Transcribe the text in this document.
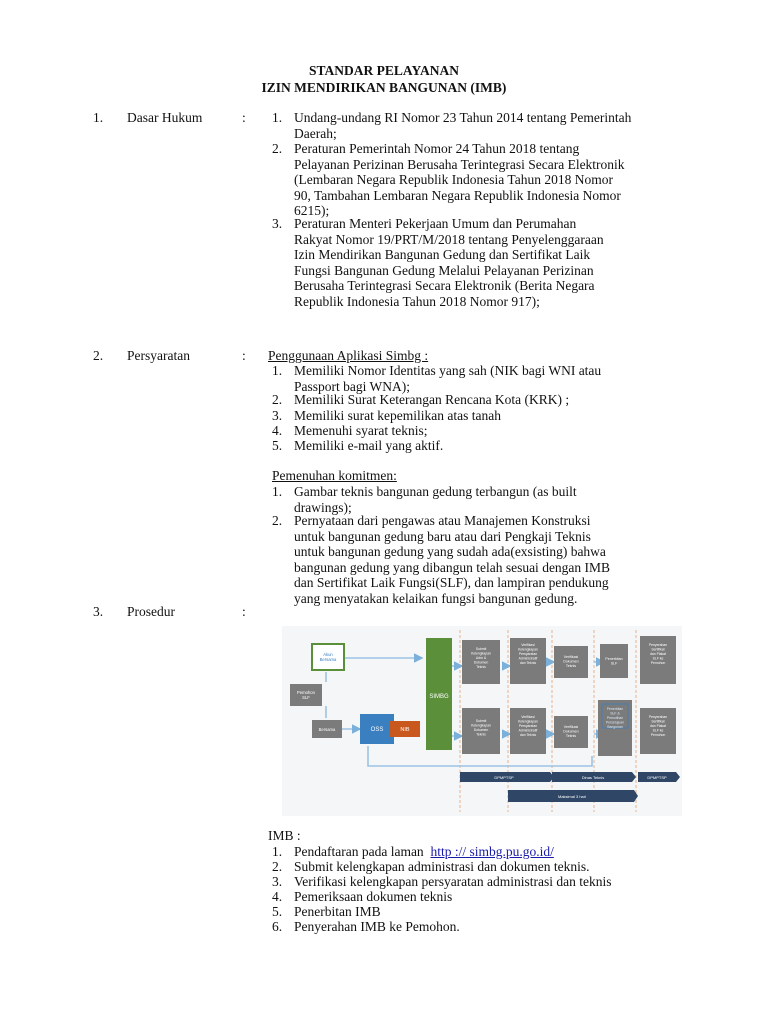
STANDAR PELAYANAN
IZIN MENDIRIKAN BANGUNAN (IMB)
1. Dasar Hukum	: 1. Undang-undang RI Nomor 23 Tahun 2014 tentang Pemerintah
Daerah;
2. Peraturan Pemerintah Nomor 24 Tahun 2018 tentang
Pelayanan Perizinan Berusaha Terintegrasi Secara Elektronik
(Lembaran Negara Republik Indonesia Tahun 2018 Nomor
90, Tambahan Lembaran Negara Republik Indonesia Nomor
6215);
3. Peraturan Menteri Pekerjaan Umum dan Perumahan
Rakyat Nomor 19/PRT/M/2018 tentang Penyelenggaraan
Izin Mendirikan Bangunan Gedung dan Sertifikat Laik
Fungsi Bangunan Gedung Melalui Pelayanan Perizinan
Berusaha Terintegrasi Secara Elektronik (Berita Negara
Republik Indonesia Tahun 2018 Nomor 917);
2. Persyaratan	: Penggunaan Aplikasi Simbg :
1. Memiliki Nomor Identitas yang sah (NIK bagi WNI atau
Passport bagi WNA);
2. Memiliki Surat Keterangan Rencana Kota (KRK) ;
3. Memiliki surat kepemilikan atas tanah
4. Memenuhi syarat teknis;
5. Memiliki e-mail yang aktif.
Pemenuhan komitmen:
1. Gambar teknis bangunan gedung terbangun (as built
drawings);
2. Pernyataan dari pengawas atau Manajemen Konstruksi
untuk bangunan gedung baru atau dari Pengkaji Teknis
untuk bangunan gedung yang sudah ada(exsisting) bahwa
bangunan gedung yang dibangun telah sesuai dengan IMB
dan Sertifikat Laik Fungsi(SLF), dan lampiran pendukung
yang menyatakan kelaikan fungsi bangunan gedung.
3. Prosedur	:
Akun Bersama
Pemohon SLF
Bersama	OSS	NIB
SIMBG
Submit Kelengkapan Adm & Dokumen Teknis
Verifikasi Kelengkapan Persyaratan Administratif dan Teknis
Verifikasi Dokumen Teknis
Penerbitan SLF
Penyerahan Sertifikat dan Plakat SLF ke Pemohon
Submit Kelengkapan Dokumen Teknis
Verifikasi Kelengkapan Persyaratan Administratif dan Teknis
Verifikasi Dokumen Teknis
Penerbitan SLF & Pemutihan Persetujuan Bangunan
Penyerahan Sertifikat dan Plakat SLF ke Pemohon
DPMPTSP	Dinas Teknis	DPMPTSP
Maksimal 3 hari
IMB :
1. Pendaftaran pada laman http :// simbg.pu.go.id/
2. Submit kelengkapan administrasi dan dokumen teknis.
3. Verifikasi kelengkapan persyaratan administrasi dan teknis
4. Pemeriksaan dokumen teknis
5. Penerbitan IMB
6. Penyerahan IMB ke Pemohon.
